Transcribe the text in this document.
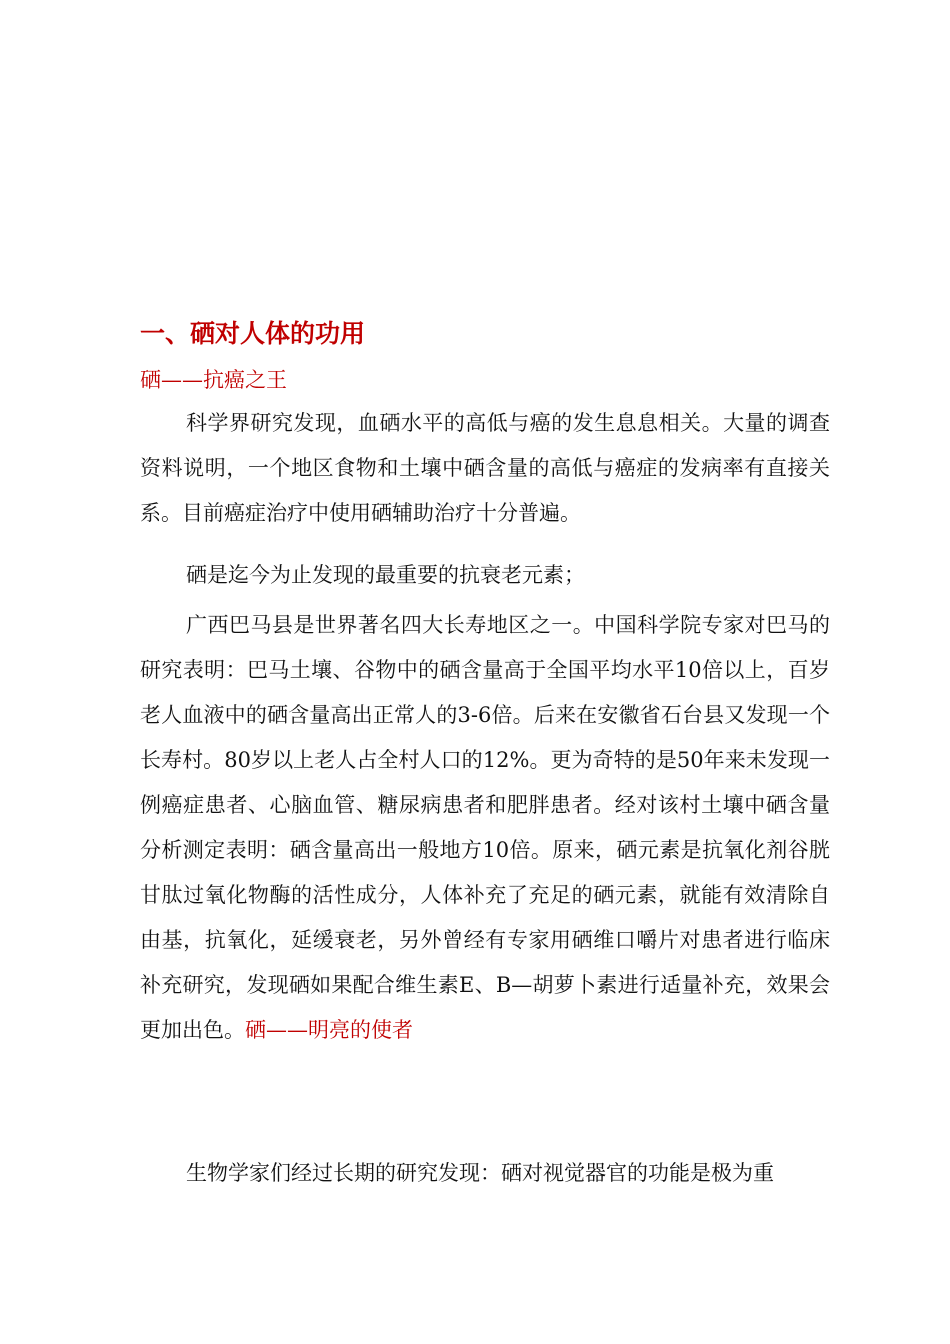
一、硒对人体的功用

硒——抗癌之王

科学界研究发现，血硒水平的高低与癌的发生息息相关。大量的调查资料说明，一个地区食物和土壤中硒含量的高低与癌症的发病率有直接关系。目前癌症治疗中使用硒辅助治疗十分普遍。

硒是迄今为止发现的最重要的抗衰老元素；

广西巴马县是世界著名四大长寿地区之一。中国科学院专家对巴马的研究表明：巴马土壤、谷物中的硒含量高于全国平均水平10倍以上，百岁老人血液中的硒含量高出正常人的3-6倍。后来在安徽省石台县又发现一个长寿村。80岁以上老人占全村人口的12%。更为奇特的是50年来未发现一例癌症患者、心脑血管、糖尿病患者和肥胖患者。经对该村土壤中硒含量分析测定表明：硒含量高出一般地方10倍。原来，硒元素是抗氧化剂谷胱甘肽过氧化物酶的活性成分，人体补充了充足的硒元素，就能有效清除自由基，抗氧化，延缓衰老，另外曾经有专家用硒维口嚼片对患者进行临床补充研究，发现硒如果配合维生素E、B—胡萝卜素进行适量补充，效果会更加出色。硒——明亮的使者

生物学家们经过长期的研究发现：硒对视觉器官的功能是极为重
